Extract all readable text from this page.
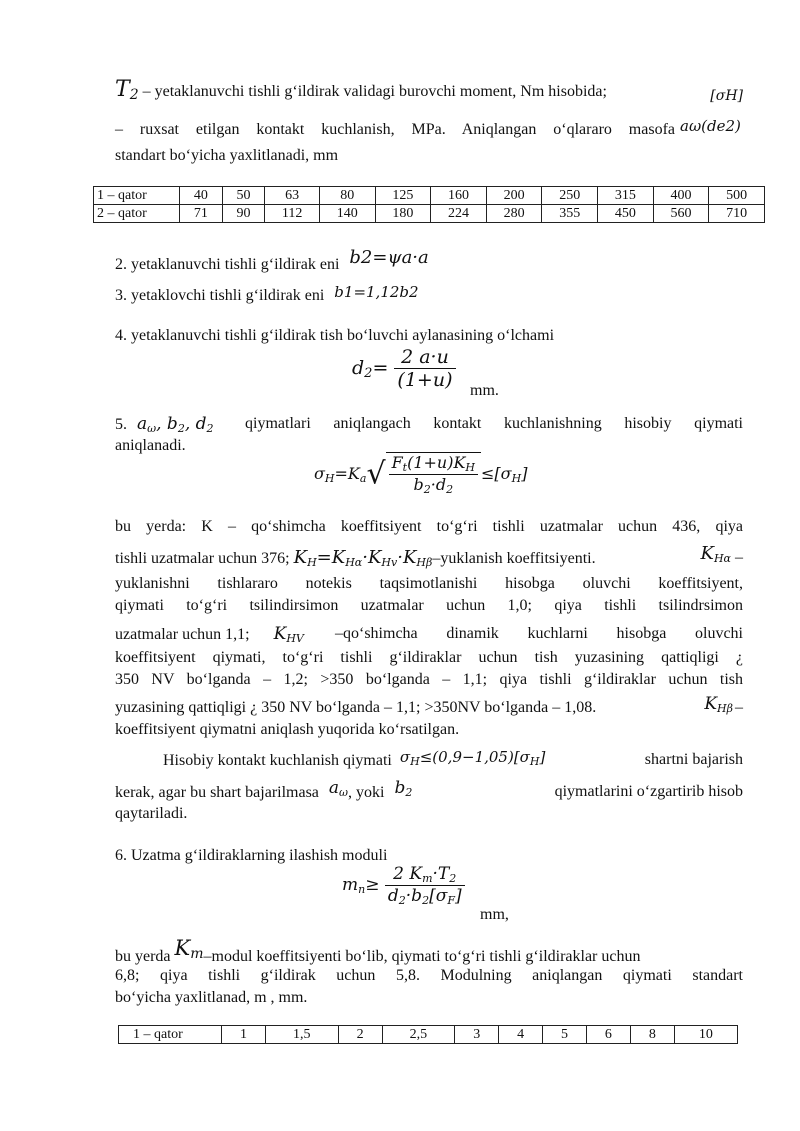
$T_2$ – yetaklanuvchi tishli g‘ildirak validagi burovchi moment, Nm hisobida;	[σH]
– ruxsat etilgan kontakt kuchlanish, MPa. Aniqlangan o‘qlararo masofa aω(de2)
standart bo‘yicha yaxlitlanadi, mm
1 – qator	40	50	63	80	125	160	200	250	315	400	500
2 – qator	71	90	112	140	180	224	280	355	450	560	710
2. yetaklanuvchi tishli g‘ildirak eni b2=ψa·a
3. yetaklovchi tishli g‘ildirak eni b1=1,12b2
4. yetaklanuvchi tishli g‘ildirak tish bo‘luvchi aylanasining o‘lchami
$d_2= \frac{2 a\cdot u}{(1+u)}$ mm.
5. $a_\omega$, $b_2$, $d_2$ qiymatlari aniqlangach kontakt kuchlanishning hisobiy qiymati
aniqlanadi.
$\sigma_H=K_a√ \frac{F_t(1+u)K_H}{b_2\cdot d_2} \le[\sigma_H]$
bu yerda: K – qo‘shimcha koeffitsiyent to‘g‘ri tishli uzatmalar uchun 436, qiya
tishli uzatmalar uchun 376; $K_H=K_{H\alpha}\cdot K_{Hv}\cdot K_{H\beta}$–yuklanish koeffitsiyenti.	$K_{H\alpha}$ –
yuklanishni tishlararo notekis taqsimotlanishi hisobga oluvchi koeffitsiyent,
qiymati to‘g‘ri tsilindirsimon uzatmalar uchun 1,0; qiya tishli tsilindrsimon
uzatmalar uchun 1,1; $K_{HV}$ –qo‘shimcha dinamik kuchlarni hisobga oluvchi
koeffitsiyent qiymati, to‘g‘ri tishli g‘ildiraklar uchun tish yuzasining qattiqligi ¿
350 NV bo‘lganda – 1,2; >350 bo‘lganda – 1,1; qiya tishli g‘ildiraklar uchun tish
yuzasining qattiqligi ¿ 350 NV bo‘lganda – 1,1; >350NV bo‘lganda – 1,08.	$K_{H\beta}$ –
koeffitsiyent qiymatni aniqlash yuqorida ko‘rsatilgan.
Hisobiy kontakt kuchlanish qiymati $\sigma_H\le(0,9-1,05)[\sigma_H]$	shartni bajarish
kerak, agar bu shart bajarilmasa $a_\omega$, yoki $b_2$	qiymatlarini o‘zgartirib hisob
qaytariladi.
6. Uzatma g‘ildiraklarning ilashish moduli
$m_n\ge \frac{2 K_m\cdot T_2}{d_2\cdot b_2[\sigma_F]}$
mm,
bu yerda $K_m$–modul koeffitsiyenti bo‘lib, qiymati to‘g‘ri tishli g‘ildiraklar uchun
6,8; qiya tishli g‘ildirak uchun 5,8. Modulning aniqlangan qiymati standart
bo‘yicha yaxlitlanad, m , mm.
1 – qator	1	1,5	2	2,5	3	4	5	6	8	10
